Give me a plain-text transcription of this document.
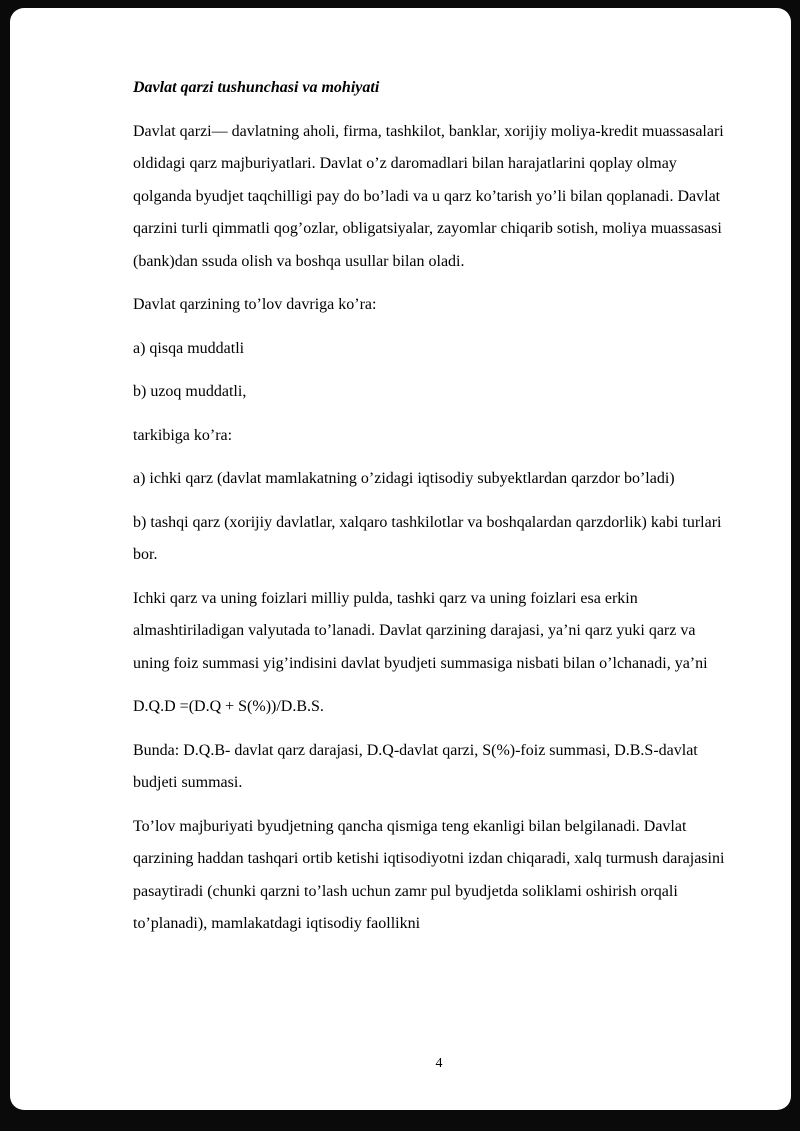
Davlat qarzi tushunchasi va mohiyati

Davlat qarzi— davlatning aholi, firma, tashkilot, banklar, xorijiy moliya-kredit muassasalari oldidagi qarz majburiyatlari. Davlat o’z daromadlari bilan harajatlarini qoplay olmay qolganda byudjet taqchilligi pay do bo’ladi va u qarz ko’tarish yo’li bilan qoplanadi. Davlat qarzini turli qimmatli qog’ozlar, obligatsiyalar, zayomlar chiqarib sotish, moliya muassasasi (bank)dan ssuda olish va boshqa usullar bilan oladi.

Davlat qarzining to’lov davriga ko’ra:

a) qisqa muddatli

b) uzoq muddatli,

tarkibiga ko’ra:

a) ichki qarz (davlat mamlakatning o’zidagi iqtisodiy subyektlardan qarzdor bo’ladi)

b) tashqi qarz (xorijiy davlatlar, xalqaro tashkilotlar va boshqalardan qarzdorlik) kabi turlari bor.

Ichki qarz va uning foizlari milliy pulda, tashki qarz va uning foizlari esa erkin almashtiriladigan valyutada to’lanadi. Davlat qarzining darajasi, ya’ni qarz yuki qarz va uning foiz summasi yig’indisini davlat byudjeti summasiga nisbati bilan o’lchanadi, ya’ni

D.Q.D =(D.Q + S(%))/D.B.S.

Bunda: D.Q.B- davlat qarz darajasi, D.Q-davlat qarzi, S(%)-foiz summasi, D.B.S-davlat budjeti summasi.

To’lov majburiyati byudjetning qancha qismiga teng ekanligi bilan belgilanadi. Davlat qarzining haddan tashqari ortib ketishi iqtisodiyotni izdan chiqaradi, xalq turmush darajasini pasaytiradi (chunki qarzni to’lash uchun zamr pul byudjetda soliklami oshirish orqali to’planadi), mamlakatdagi iqtisodiy faollikni

4
